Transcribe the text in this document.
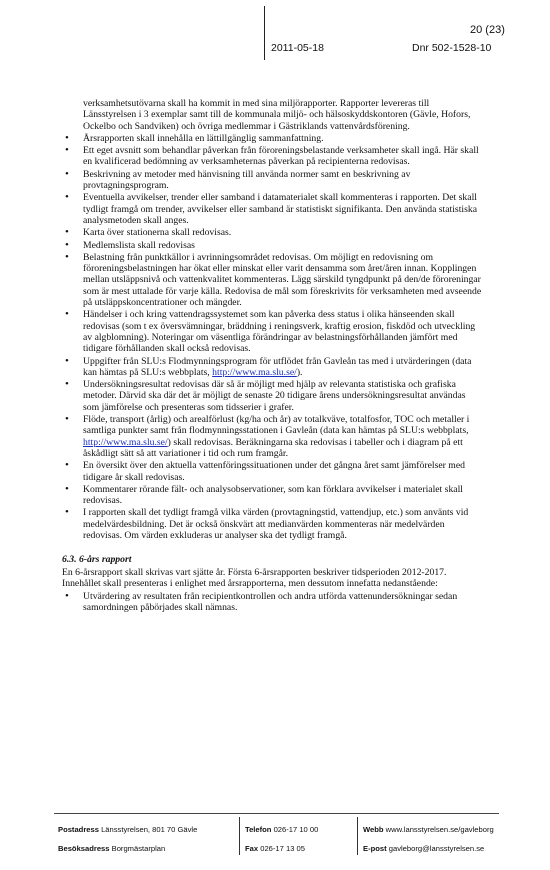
20 (23)
2011-05-18	Dnr 502-1528-10
verksamhetsutövarna skall ha kommit in med sina miljörapporter. Rapporter levereras till Länsstyrelsen i 3 exemplar samt till de kommunala miljö- och hälsoskyddskontoren (Gävle, Hofors, Ockelbo och Sandviken) och övriga medlemmar i Gästriklands vattenvårdsförening.
• Årsrapporten skall innehålla en lättillgänglig sammanfattning.
• Ett eget avsnitt som behandlar påverkan från föroreningsbelastande verksamheter skall ingå. Här skall en kvalificerad bedömning av verksamheternas påverkan på recipienterna redovisas.
• Beskrivning av metoder med hänvisning till använda normer samt en beskrivning av provtagningsprogram.
• Eventuella avvikelser, trender eller samband i datamaterialet skall kommenteras i rapporten. Det skall tydligt framgå om trender, avvikelser eller samband är statistiskt signifikanta. Den använda statistiska analysmetoden skall anges.
• Karta över stationerna skall redovisas.
• Medlemslista skall redovisas
• Belastning från punktkällor i avrinningsområdet redovisas. Om möjligt en redovisning om föroreningsbelastningen har ökat eller minskat eller varit densamma som året/åren innan. Kopplingen mellan utsläppsnivå och vattenkvalitet kommenteras. Lägg särskild tyngdpunkt på den/de föroreningar som är mest uttalade för varje källa. Redovisa de mål som föreskrivits för verksamheten med avseende på utsläppskoncentrationer och mängder.
• Händelser i och kring vattendragssystemet som kan påverka dess status i olika hänseenden skall redovisas (som t ex översvämningar, bräddning i reningsverk, kraftig erosion, fiskdöd och utveckling av algblomning). Noteringar om väsentliga förändringar av belastningsförhållanden jämfört med tidigare förhållanden skall också redovisas.
• Uppgifter från SLU:s Flodmynningsprogram för utflödet från Gavleån tas med i utvärderingen (data kan hämtas på SLU:s webbplats, http://www.ma.slu.se/).
• Undersökningsresultat redovisas där så är möjligt med hjälp av relevanta statistiska och grafiska metoder. Därvid ska där det är möjligt de senaste 20 tidigare årens undersökningsresultat användas som jämförelse och presenteras som tidsserier i grafer.
• Flöde, transport (årlig) och arealförlust (kg/ha och år) av totalkväve, totalfosfor, TOC och metaller i samtliga punkter samt från flodmynningsstationen i Gavleån (data kan hämtas på SLU:s webbplats, http://www.ma.slu.se/) skall redovisas. Beräkningarna ska redovisas i tabeller och i diagram på ett åskådligt sätt så att variationer i tid och rum framgår.
• En översikt över den aktuella vattenföringssituationen under det gångna året samt jämförelser med tidigare år skall redovisas.
• Kommentarer rörande fält- och analysobservationer, som kan förklara avvikelser i materialet skall redovisas.
• I rapporten skall det tydligt framgå vilka värden (provtagningstid, vattendjup, etc.) som använts vid medelvärdesbildning. Det är också önskvärt att medianvärden kommenteras när medelvärden redovisas. Om värden exkluderas ur analyser ska det tydligt framgå.
6.3. 6-års rapport
En 6-årsrapport skall skrivas vart sjätte år. Första 6-årsrapporten beskriver tidsperioden 2012-2017. Innehållet skall presenteras i enlighet med årsrapporterna, men dessutom innefatta nedanstående:
• Utvärdering av resultaten från recipientkontrollen och andra utförda vattenundersökningar sedan samordningen påbörjades skall nämnas.
Postadress Länsstyrelsen, 801 70 Gävle
Besöksadress Borgmästarplan
Telefon 026-17 10 00
Fax 026-17 13 05
Webb www.lansstyrelsen.se/gavleborg
E-post gavleborg@lansstyrelsen.se
